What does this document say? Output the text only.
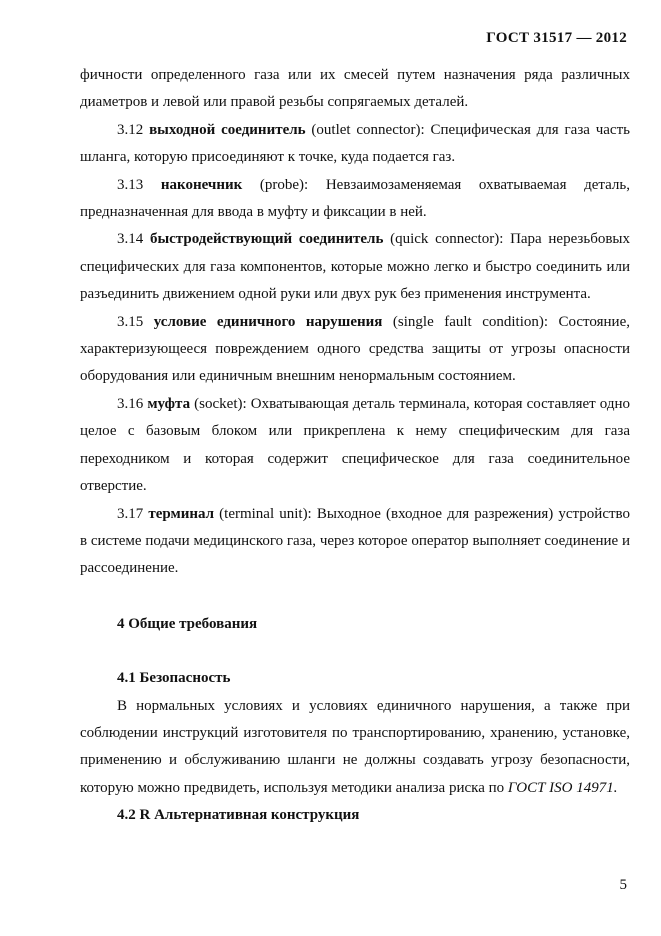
ГОСТ 31517 — 2012

фичности определенного газа или их смесей путем назначения ряда различных диаметров и левой или правой резьбы сопрягаемых деталей.

3.12 выходной соединитель (outlet connector): Специфическая для газа часть шланга, которую присоединяют к точке, куда подается газ.

3.13 наконечник (probe): Невзаимозаменяемая охватываемая деталь, предназначенная для ввода в муфту и фиксации в ней.

3.14 быстродействующий соединитель (quick connector): Пара нерезьбовых специфических для газа компонентов, которые можно легко и быстро соединить или разъединить движением одной руки или двух рук без применения инструмента.

3.15 условие единичного нарушения (single fault condition): Состояние, характеризующееся повреждением одного средства защиты от угрозы опасности оборудования или единичным внешним ненормальным состоянием.

3.16 муфта (socket): Охватывающая деталь терминала, которая составляет одно целое с базовым блоком или прикреплена к нему специфическим для газа переходником и которая содержит специфическое для газа соединительное отверстие.

3.17 терминал (terminal unit): Выходное (входное для разрежения) устройство в системе подачи медицинского газа, через которое оператор выполняет соединение и рассоединение.

4 Общие требования

4.1 Безопасность

В нормальных условиях и условиях единичного нарушения, а также при соблюдении инструкций изготовителя по транспортированию, хранению, установке, применению и обслуживанию шланги не должны создавать угрозу безопасности, которую можно предвидеть, используя методики анализа риска по ГОСТ ISO 14971.

4.2 R Альтернативная конструкция

5
